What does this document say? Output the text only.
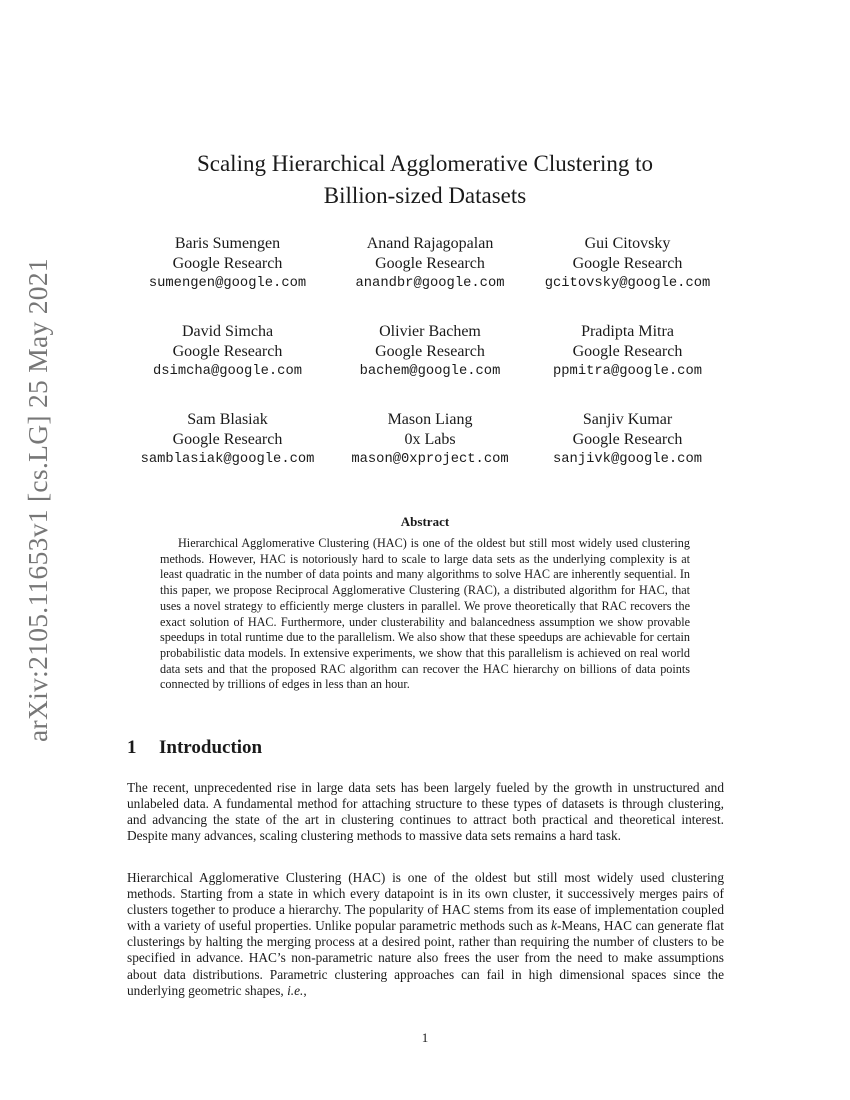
arXiv:2105.11653v1 [cs.LG] 25 May 2021
Scaling Hierarchical Agglomerative Clustering to
Billion-sized Datasets
Baris Sumengen
Google Research
sumengen@google.com
Anand Rajagopalan
Google Research
anandbr@google.com
Gui Citovsky
Google Research
gcitovsky@google.com
David Simcha
Google Research
dsimcha@google.com
Olivier Bachem
Google Research
bachem@google.com
Pradipta Mitra
Google Research
ppmitra@google.com
Sam Blasiak
Google Research
samblasiak@google.com
Mason Liang
0x Labs
mason@0xproject.com
Sanjiv Kumar
Google Research
sanjivk@google.com
Abstract

Hierarchical Agglomerative Clustering (HAC) is one of the oldest but still most widely used clustering methods. However, HAC is notoriously hard to scale to large data sets as the underlying complexity is at least quadratic in the number of data points and many algorithms to solve HAC are inherently sequential. In this paper, we propose Reciprocal Agglomerative Clustering (RAC), a distributed algorithm for HAC, that uses a novel strategy to efficiently merge clusters in parallel. We prove theoretically that RAC recovers the exact solution of HAC. Furthermore, under clusterability and balancedness assumption we show provable speedups in total runtime due to the parallelism. We also show that these speedups are achievable for certain probabilistic data models. In extensive experiments, we show that this parallelism is achieved on real world data sets and that the proposed RAC algorithm can recover the HAC hierarchy on billions of data points connected by trillions of edges in less than an hour.

1 Introduction

The recent, unprecedented rise in large data sets has been largely fueled by the growth in unstructured and unlabeled data. A fundamental method for attaching structure to these types of datasets is through clustering, and advancing the state of the art in clustering continues to attract both practical and theoretical interest. Despite many advances, scaling clustering methods to massive data sets remains a hard task.

Hierarchical Agglomerative Clustering (HAC) is one of the oldest but still most widely used clustering methods. Starting from a state in which every datapoint is in its own cluster, it successively merges pairs of clusters together to produce a hierarchy. The popularity of HAC stems from its ease of implementation coupled with a variety of useful properties. Unlike popular parametric methods such as k-Means, HAC can generate flat clusterings by halting the merging process at a desired point, rather than requiring the number of clusters to be specified in advance. HAC’s non-parametric nature also frees the user from the need to make assumptions about data distributions. Parametric clustering approaches can fail in high dimensional spaces since the underlying geometric shapes, i.e.,

1
